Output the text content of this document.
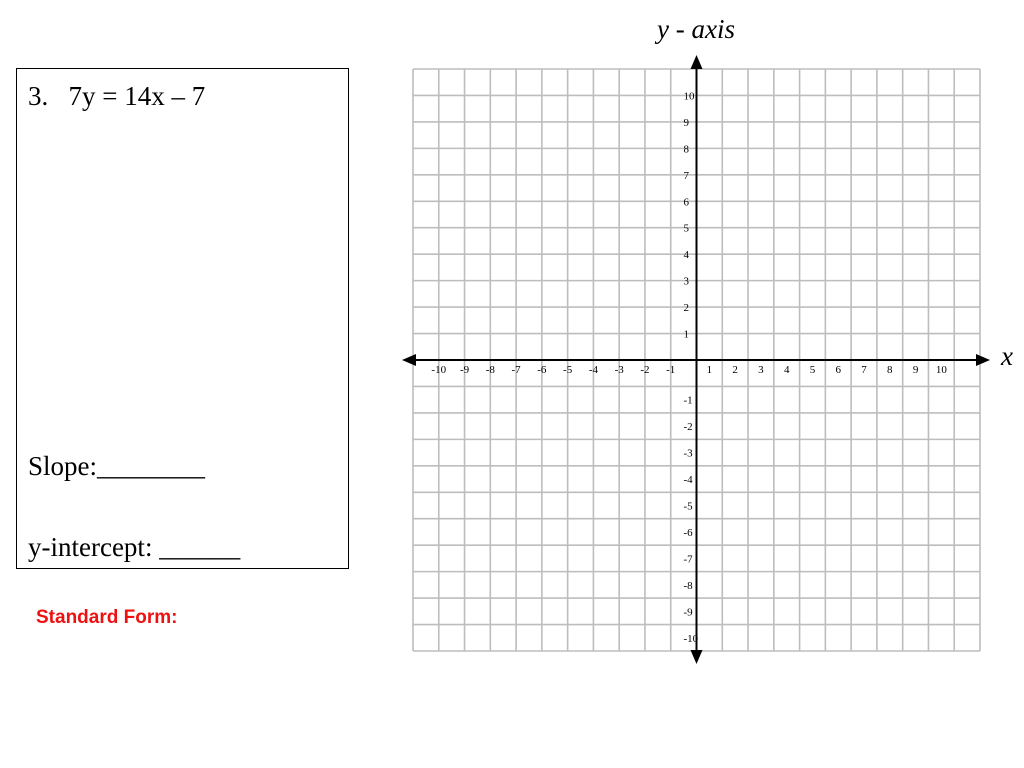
3.   7y = 14x – 7
Slope:________
y-intercept: ______
Standard Form:
y - axis
x
-10 -9 -8 -7 -6 -5 -4 -3 -2 -1	1 2 3 4 5 6 7 8 9 10
10
9
8
7
6
5
4
3
2
1
-1
-2
-3
-4
-5
-6
-7
-8
-9
-10
